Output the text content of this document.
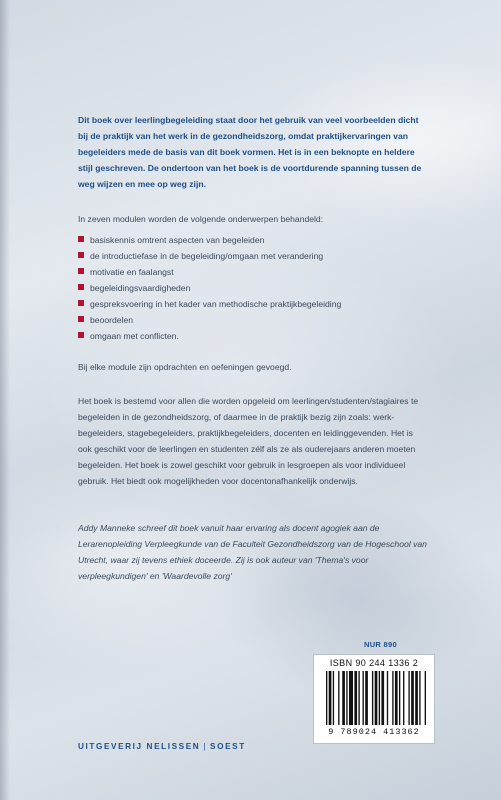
Dit boek over leerlingbegeleiding staat door het gebruik van veel voorbeelden dicht bij de praktijk van het werk in de gezondheidszorg, omdat praktijkervaringen van begeleiders mede de basis van dit boek vormen. Het is in een beknopte en heldere stijl geschreven. De ondertoon van het boek is de voortdurende spanning tussen de weg wijzen en mee op weg zijn.

In zeven modulen worden de volgende onderwerpen behandeld:

basiskennis omtrent aspecten van begeleiden
de introductiefase in de begeleiding/omgaan met verandering
motivatie en faalangst
begeleidingsvaardigheden
gespreksvoering in het kader van methodische praktijkbegeleiding
beoordelen
omgaan met conflicten.

Bij elke module zijn opdrachten en oefeningen gevoegd.

Het boek is bestemd voor allen die worden opgeleid om leerlingen/studenten/stagiaires te begeleiden in de gezondheidszorg, of daarmee in de praktijk bezig zijn zoals: werk-begeleiders, stagebegeleiders, praktijkbegeleiders, docenten en leidinggevenden. Het is ook geschikt voor de leerlingen en studenten zélf als ze als ouderejaars anderen moeten begeleiden. Het boek is zowel geschikt voor gebruik in lesgroepen als voor individueel gebruik. Het biedt ook mogelijkheden voor docentonafhankelijk onderwijs.

Addy Manneke schreef dit boek vanuit haar ervaring als docent agogiek aan de Lerarenopleiding Verpleegkunde van de Faculteit Gezondheidszorg van de Hogeschool van Utrecht, waar zij tevens ethiek doceerde. Zij is ook auteur van 'Thema's voor verpleegkundigen' en 'Waardevolle zorg'

NUR 890
ISBN 90 244 1336 2
9 789024 413362
UITGEVERIJ NELISSEN | SOEST
